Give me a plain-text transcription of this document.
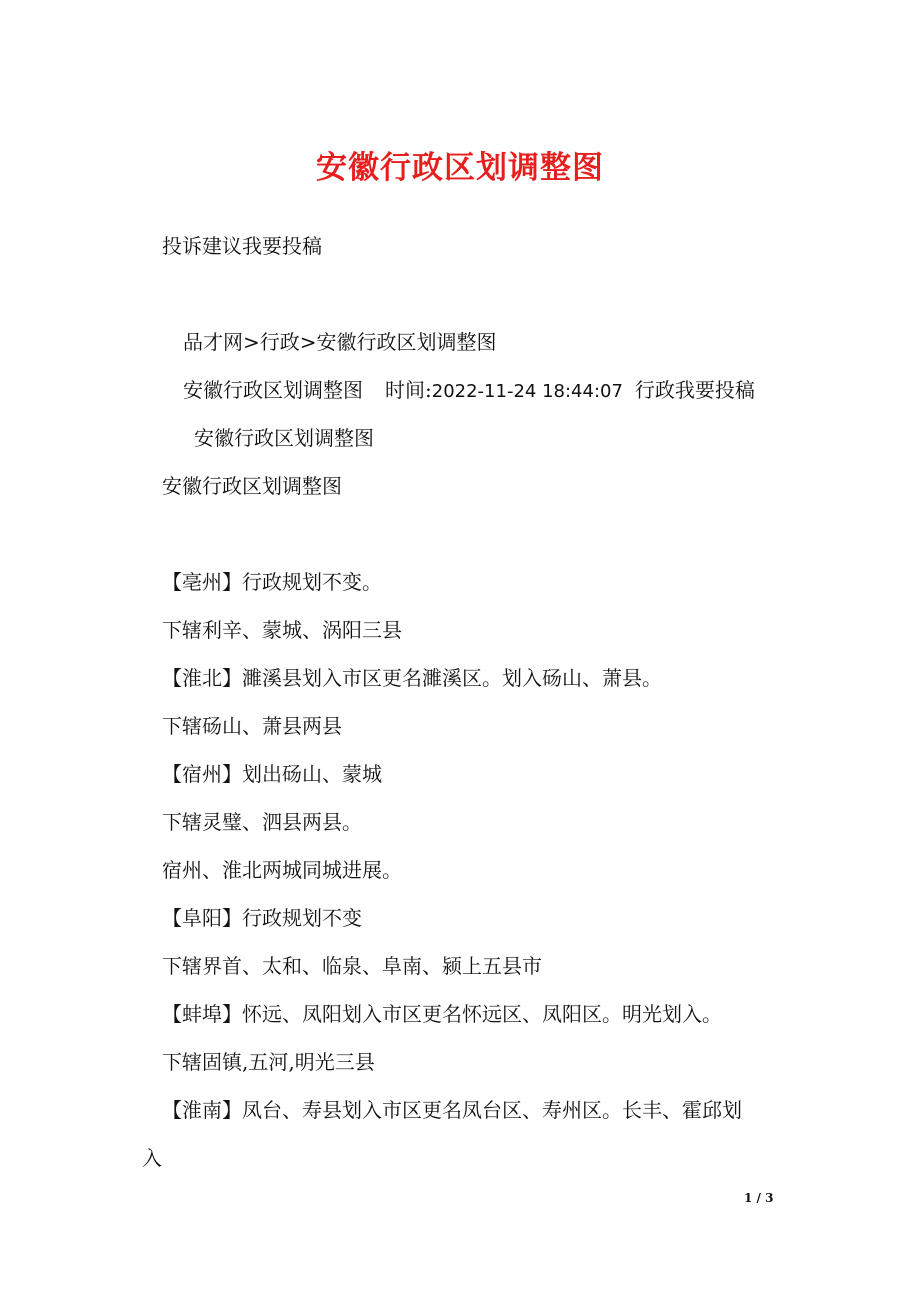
安徽行政区划调整图
投诉建议我要投稿
品才网>行政>安徽行政区划调整图
安徽行政区划调整图 时间:2022-11-24 18:44:07 行政我要投稿
安徽行政区划调整图
安徽行政区划调整图
【亳州】行政规划不变。
下辖利辛、蒙城、涡阳三县
【淮北】濉溪县划入市区更名濉溪区。划入砀山、萧县。
下辖砀山、萧县两县
【宿州】划出砀山、蒙城
下辖灵璧、泗县两县。
宿州、淮北两城同城进展。
【阜阳】行政规划不变
下辖界首、太和、临泉、阜南、颍上五县市
【蚌埠】怀远、凤阳划入市区更名怀远区、凤阳区。明光划入。
下辖固镇,五河,明光三县
【淮南】凤台、寿县划入市区更名凤台区、寿州区。长丰、霍邱划
入
1 / 3
